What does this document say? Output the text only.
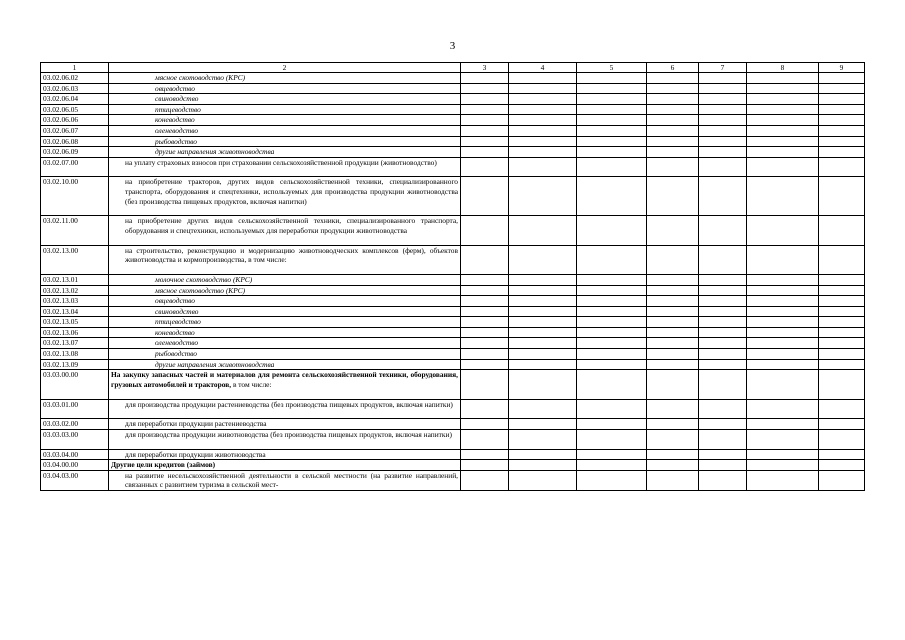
3
1	2	3	4	5	6	7	8	9
03.02.06.02	мясное скотоводство (КРС)							

03.02.06.03	овцеводство							

03.02.06.04	свиноводство							

03.02.06.05	птицеводство							

03.02.06.06	коневодство							

03.02.06.07	оленеводство							

03.02.06.08	рыбоводство							

03.02.06.09	другие направления животноводства							

03.02.07.00	на уплату страховых взносов при страховании сельскохозяйственной продукции (животноводство)							

03.02.10.00	на приобретение тракторов, других видов сельскохозяйственной техники, специализированного транспорта, оборудования и спецтехники, используемых для производства продукции животноводства (без производства пищевых продуктов, включая напитки)							

03.02.11.00	на приобретение других видов сельскохозяйственной техники, специализированного транспорта, оборудования и спецтехники, используемых для переработки продукции животноводства							

03.02.13.00	на строительство, реконструкцию и модернизацию животноводческих комплексов (ферм), объектов животноводства и кормопроизводства, в том числе:							

03.02.13.01	молочное скотоводство (КРС)							

03.02.13.02	мясное скотоводство (КРС)							

03.02.13.03	овцеводство							

03.02.13.04	свиноводство							

03.02.13.05	птицеводство							

03.02.13.06	коневодство							

03.02.13.07	оленеводство							

03.02.13.08	рыбоводство							

03.02.13.09	другие направления животноводства							

03.03.00.00	На закупку запасных частей и материалов для ремонта сельскохозяйственной техники, оборудования, грузовых автомобилей и тракторов, в том числе:							

03.03.01.00	для производства продукции растениеводства (без производства пищевых продуктов, включая напитки)							

03.03.02.00	для переработки продукции растениеводства							

03.03.03.00	для производства продукции животноводства (без производства пищевых продуктов, включая напитки)							

03.03.04.00	для переработки продукции животноводства							

03.04.00.00	Другие цели кредитов (займов)							

03.04.03.00	на развитие несельскохозяйственной деятельности в сельской местности (на развитие направлений, связанных с развитием туризма в сельской мест-							
